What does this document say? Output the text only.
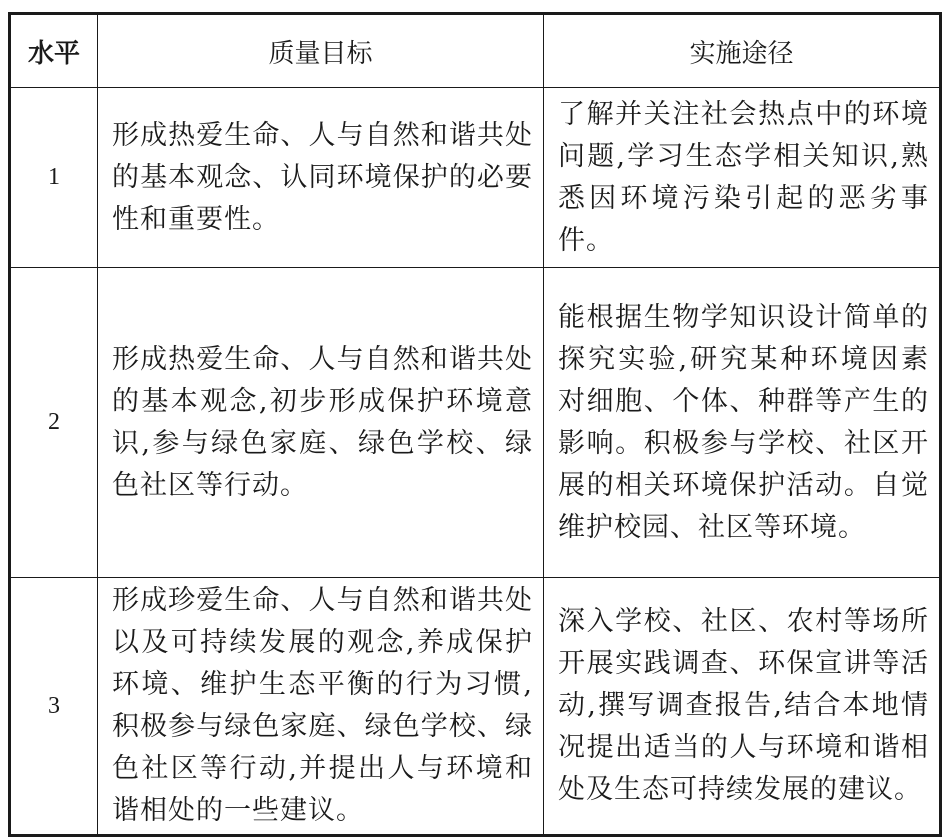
水平	质量目标	实施途径
1	形成热爱生命、人与自然和谐共处的基本观念、认同环境保护的必要性和重要性。	了解并关注社会热点中的环境问题,学习生态学相关知识,熟悉因环境污染引起的恶劣事件。
2	形成热爱生命、人与自然和谐共处的基本观念,初步形成保护环境意识,参与绿色家庭、绿色学校、绿色社区等行动。	能根据生物学知识设计简单的探究实验,研究某种环境因素对细胞、个体、种群等产生的影响。积极参与学校、社区开展的相关环境保护活动。自觉维护校园、社区等环境。
3	形成珍爱生命、人与自然和谐共处以及可持续发展的观念,养成保护环境、维护生态平衡的行为习惯,积极参与绿色家庭、绿色学校、绿色社区等行动,并提出人与环境和谐相处的一些建议。	深入学校、社区、农村等场所开展实践调查、环保宣讲等活动,撰写调查报告,结合本地情况提出适当的人与环境和谐相处及生态可持续发展的建议。
